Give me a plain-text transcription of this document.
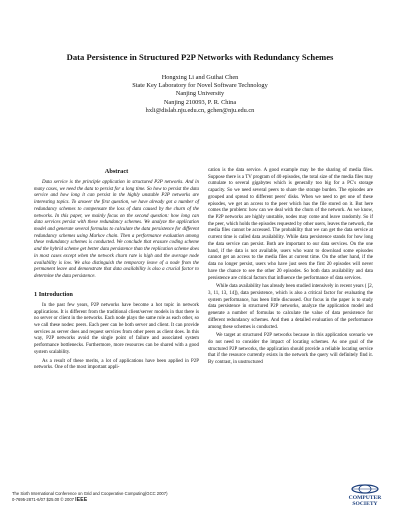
Data Persistence in Structured P2P Networks with Redundancy Schemes
Hongxing Li and Guihai Chen
State Key Laboratory for Novel Software Technology
Nanjing University
Nanjing 210093, P. R. China
hxli@dislab.nju.edu.cn, gchen@nju.edu.cn
Abstract

Data service is the principle application in structured P2P networks. And in many cases, we need the data to persist for a long time. So how to persist the data service and how long it can persist in the highly unstable P2P networks are interesting topics. To answer the first question, we have already got a number of redundancy schemes to compensate the loss of data caused by the churn of the networks. In this paper, we mainly focus on the second question: how long can data services persist with these redundancy schemes. We analyze the application model and generate several formulas to calculate the data persistence for different redundancy schemes using Markov chain. Then a performance evaluation among these redundancy schemes is conducted. We conclude that erasure coding scheme and the hybrid scheme get better data persistence than the replication scheme does in most cases except when the network churn rate is high and the average node availability is low. We also distinguish the temporary leave of a node from the permanent leave and demonstrate that data availability is also a crucial factor to determine the data persistence.

1 Introduction

In the past few years, P2P networks have become a hot topic in network applications. It is different from the traditional client/server models in that there is no server or client in the networks. Each node plays the same role as each other, so we call these nodes: peers. Each peer can be both server and client. It can provide services as server does and request services from other peers as client does. In this way, P2P networks avoid the single point of failure and associated system performance bottlenecks. Furthermore, more resources can be shared with a good system scalability.

As a result of these merits, a lot of applications have been applied in P2P networks. One of the most important appli-

cation is the data service. A good example may be the sharing of media files. Suppose there is a TV program of 40 episodes, the total size of the media files may cumulate to several gigabytes which is generally too big for a PC's storage capacity. So we need several peers to share the storage burden. The episodes are grouped and spread to different peers' disks. When we need to get one of these episodes, we get an access to the peer which has the file stored on it. But here comes the problem: how can we deal with the churn of the network. As we know, the P2P networks are highly unstable, nodes may come and leave randomly. So if the peer, which holds the episodes requested by other users, leaves the network, the media files cannot be accessed. The probability that we can get the data service at current time is called data availability. While data persistence stands for how long the data service can persist. Both are important to our data services. On the one hand, if the data is not available, users who want to download some episodes cannot get an access to the media files at current time. On the other hand, if the data no longer persist, users who have just seen the first 20 episodes will never have the chance to see the other 20 episodes. So both data availability and data persistence are critical factors that influence the performance of data services.

While data availability has already been studied intensively in recent years ( [2, 3, 11, 13, 14]), data persistence, which is also a critical factor for evaluating the system performance, has been little discussed. Our focus in the paper is to study data persistence in structured P2P networks, analyze the application model and generate a number of formulas to calculate the value of data persistence for different redundancy schemes. And then a detailed evaluation of the performance among these schemes is conducted.

We target at structured P2P networks because in this application scenario we do not need to consider the impact of locating schemes. As one goal of the structured P2P networks, the application should provide a reliable locating service that if the resource currently exists in the network the query will definitely find it. By contrast, in unstructured

The Sixth International Conference on Grid and Cooperative Computing(GCC 2007)
0-7695-2871-6/07 $25.00 © 2007 IEEE	COMPUTER
SOCIETY
